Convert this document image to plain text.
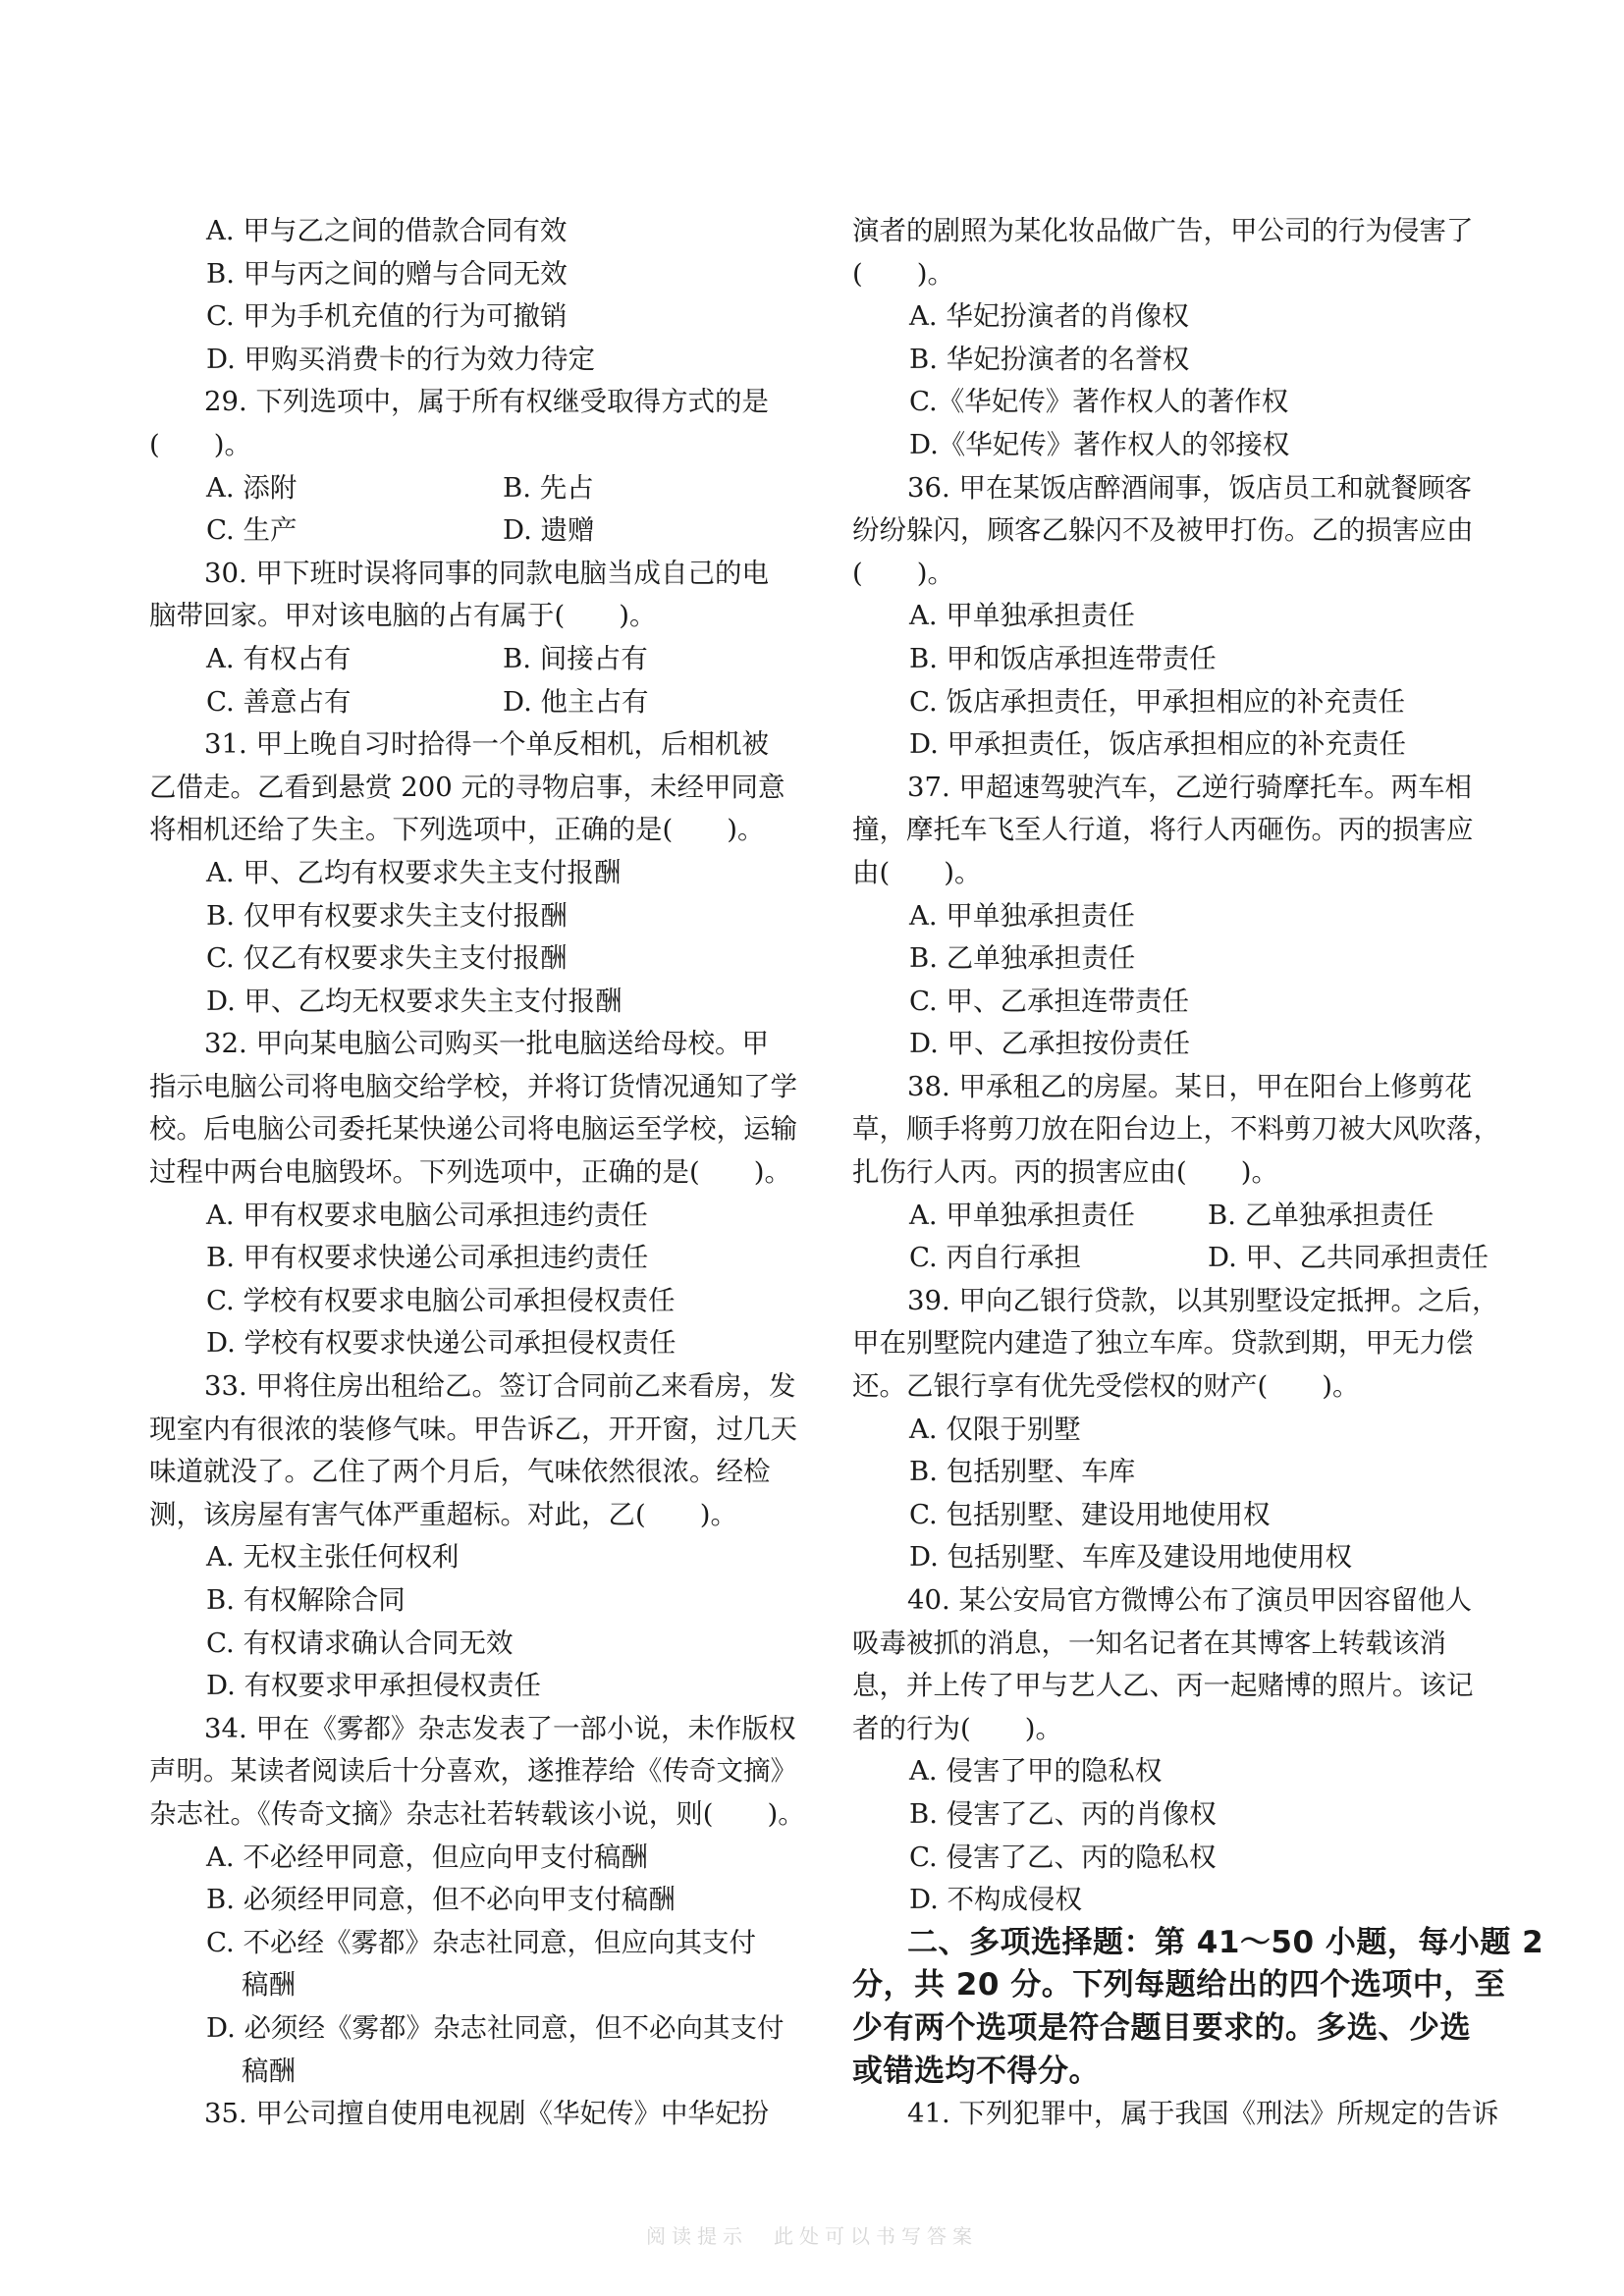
A. 甲与乙之间的借款合同有效
B. 甲与丙之间的赠与合同无效
C. 甲为手机充值的行为可撤销
D. 甲购买消费卡的行为效力待定
29. 下列选项中，属于所有权继受取得方式的是
(　　)。
A. 添附	B. 先占
C. 生产	D. 遗赠
30. 甲下班时误将同事的同款电脑当成自己的电
脑带回家。甲对该电脑的占有属于(　　)。
A. 有权占有	B. 间接占有
C. 善意占有	D. 他主占有
31. 甲上晚自习时拾得一个单反相机，后相机被
乙借走。乙看到悬赏 200 元的寻物启事，未经甲同意
将相机还给了失主。下列选项中，正确的是(　　)。
A. 甲、乙均有权要求失主支付报酬
B. 仅甲有权要求失主支付报酬
C. 仅乙有权要求失主支付报酬
D. 甲、乙均无权要求失主支付报酬
32. 甲向某电脑公司购买一批电脑送给母校。甲
指示电脑公司将电脑交给学校，并将订货情况通知了学
校。后电脑公司委托某快递公司将电脑运至学校，运输
过程中两台电脑毁坏。下列选项中，正确的是(　　)。
A. 甲有权要求电脑公司承担违约责任
B. 甲有权要求快递公司承担违约责任
C. 学校有权要求电脑公司承担侵权责任
D. 学校有权要求快递公司承担侵权责任
33. 甲将住房出租给乙。签订合同前乙来看房，发
现室内有很浓的装修气味。甲告诉乙，开开窗，过几天
味道就没了。乙住了两个月后，气味依然很浓。经检
测，该房屋有害气体严重超标。对此，乙(　　)。
A. 无权主张任何权利
B. 有权解除合同
C. 有权请求确认合同无效
D. 有权要求甲承担侵权责任
34. 甲在《雾都》杂志发表了一部小说，未作版权
声明。某读者阅读后十分喜欢，遂推荐给《传奇文摘》
杂志社。《传奇文摘》杂志社若转载该小说，则(　　)。
A. 不必经甲同意，但应向甲支付稿酬
B. 必须经甲同意，但不必向甲支付稿酬
C. 不必经《雾都》杂志社同意，但应向其支付
稿酬
D. 必须经《雾都》杂志社同意，但不必向其支付
稿酬
35. 甲公司擅自使用电视剧《华妃传》中华妃扮
演者的剧照为某化妆品做广告，甲公司的行为侵害了
(　　)。
A. 华妃扮演者的肖像权
B. 华妃扮演者的名誉权
C.《华妃传》著作权人的著作权
D.《华妃传》著作权人的邻接权
36. 甲在某饭店醉酒闹事，饭店员工和就餐顾客
纷纷躲闪，顾客乙躲闪不及被甲打伤。乙的损害应由
(　　)。
A. 甲单独承担责任
B. 甲和饭店承担连带责任
C. 饭店承担责任，甲承担相应的补充责任
D. 甲承担责任，饭店承担相应的补充责任
37. 甲超速驾驶汽车，乙逆行骑摩托车。两车相
撞，摩托车飞至人行道，将行人丙砸伤。丙的损害应
由(　　)。
A. 甲单独承担责任
B. 乙单独承担责任
C. 甲、乙承担连带责任
D. 甲、乙承担按份责任
38. 甲承租乙的房屋。某日，甲在阳台上修剪花
草，顺手将剪刀放在阳台边上，不料剪刀被大风吹落，
扎伤行人丙。丙的损害应由(　　)。
A. 甲单独承担责任	B. 乙单独承担责任
C. 丙自行承担	D. 甲、乙共同承担责任
39. 甲向乙银行贷款，以其别墅设定抵押。之后，
甲在别墅院内建造了独立车库。贷款到期，甲无力偿
还。乙银行享有优先受偿权的财产(　　)。
A. 仅限于别墅
B. 包括别墅、车库
C. 包括别墅、建设用地使用权
D. 包括别墅、车库及建设用地使用权
40. 某公安局官方微博公布了演员甲因容留他人
吸毒被抓的消息，一知名记者在其博客上转载该消
息，并上传了甲与艺人乙、丙一起赌博的照片。该记
者的行为(　　)。
A. 侵害了甲的隐私权
B. 侵害了乙、丙的肖像权
C. 侵害了乙、丙的隐私权
D. 不构成侵权
二、多项选择题：第 41～50 小题，每小题 2
分，共 20 分。下列每题给出的四个选项中，至
少有两个选项是符合题目要求的。多选、少选
或错选均不得分。
41. 下列犯罪中，属于我国《刑法》所规定的告诉
阅读提示　此处可以书写答案
